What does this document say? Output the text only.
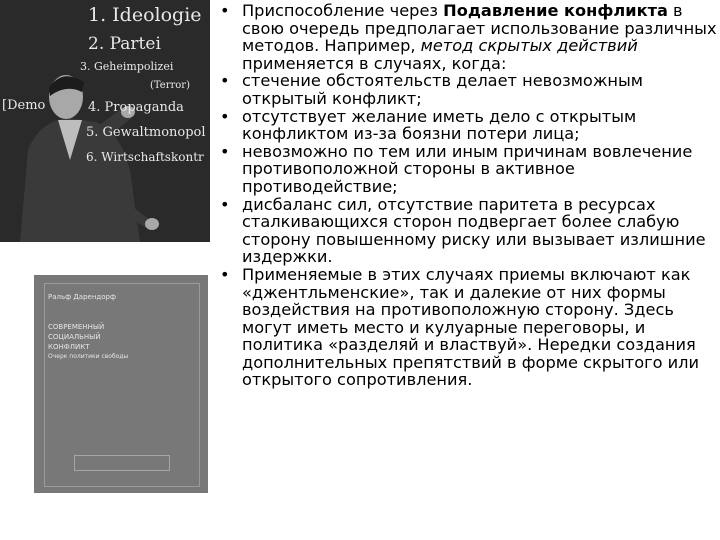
1. Ideologie
2. Partei
3. Geheimpolizei
(Terror)
[Demo	4. Propaganda
5. Gewaltmonopol
6. Wirtschaftskontr
Ральф Дарендорф
СОВРЕМЕННЫЙ
СОЦИАЛЬНЫЙ
КОНФЛИКТ
Очерк политики свободы
• Приспособление через Подавление конфликта в свою очередь предполагает использование различных методов. Например, метод скрытых действий применяется в случаях, когда:
• стечение обстоятельств делает невозможным открытый конфликт;
• отсутствует желание иметь дело с открытым конфликтом из-за боязни потери лица;
• невозможно по тем или иным причинам вовлечение противоположной стороны в активное противодействие;
• дисбаланс сил, отсутствие паритета в ресурсах сталкивающихся сторон подвергает более слабую сторону повышенному риску или вызывает излишние издержки.
• Применяемые в этих случаях приемы включают как «джентльменские», так и далекие от них формы воздействия на противоположную сторону. Здесь могут иметь место и кулуарные переговоры, и политика «разделяй и властвуй». Нередки создания дополнительных препятствий в форме скрытого или открытого сопротивления.
